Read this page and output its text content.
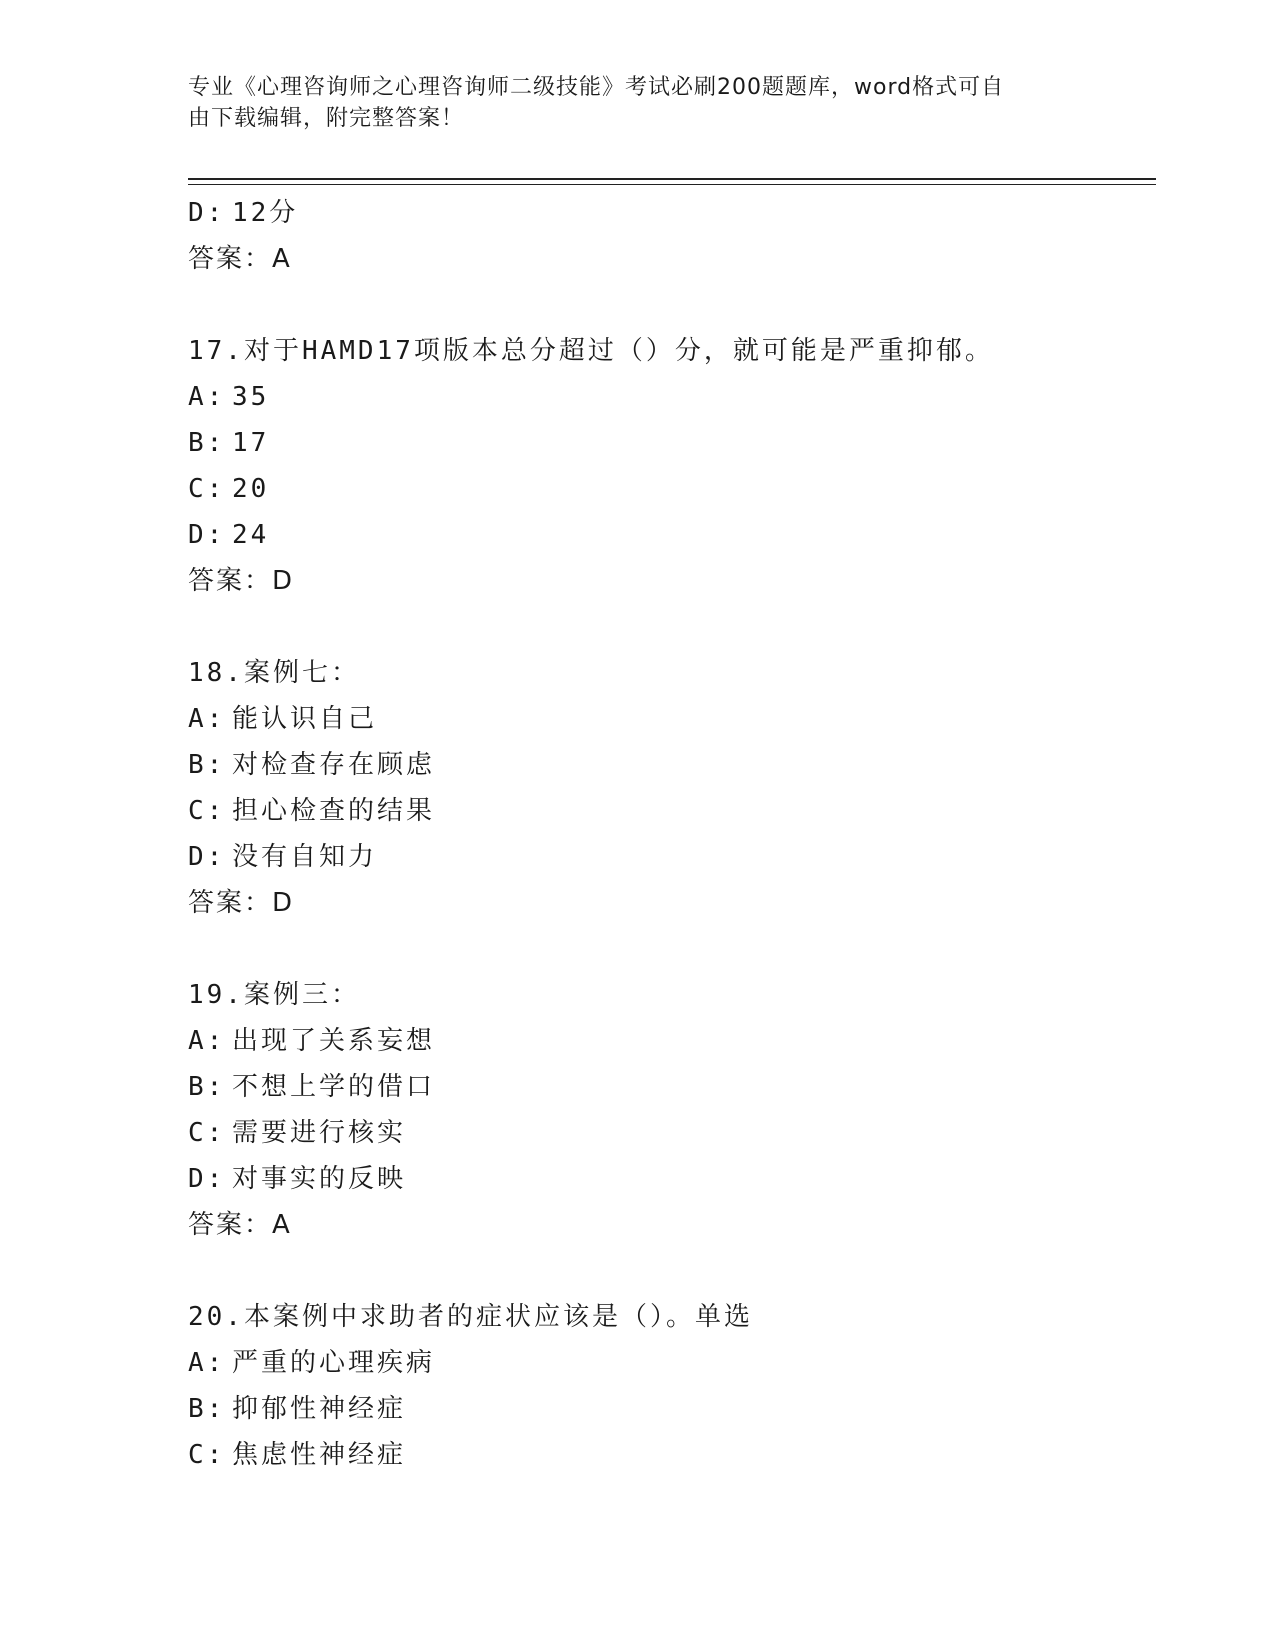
专业《心理咨询师之心理咨询师二级技能》考试必刷200题题库，word格式可自
由下载编辑，附完整答案！
D: 12分
答案：A
17.对于HAMD17项版本总分超过（）分，就可能是严重抑郁。
A: 35
B: 17
C: 20
D: 24
答案：D
18.案例七：
A: 能认识自己
B: 对检查存在顾虑
C: 担心检查的结果
D: 没有自知力
答案：D
19.案例三：
A: 出现了关系妄想
B: 不想上学的借口
C: 需要进行核实
D: 对事实的反映
答案：A
20.本案例中求助者的症状应该是（）。单选
A: 严重的心理疾病
B: 抑郁性神经症
C: 焦虑性神经症
